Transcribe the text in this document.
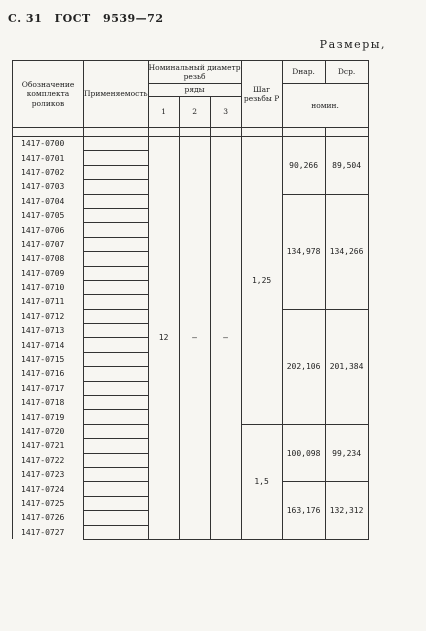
С. 31 ГОСТ 9539—72
Размеры,
Обозначение комплекта роликов	Применяемость	Номинальный диаметр резьб			Шаг резьбы P	Dнар.	Dср.
		ряды				номин.	
		1	2	3			

1417-0700		12	—	—	1,25	90,266	89,504
1417-0701							
1417-0702							
1417-0703							
1417-0704						134,978	134,266
1417-0705							
1417-0706							
1417-0707							
1417-0708							
1417-0709							
1417-0710							
1417-0711							
1417-0712						202,106	201,384
1417-0713							
1417-0714							
1417-0715							
1417-0716							
1417-0717							
1417-0718							
1417-0719							
1417-0720					1,5	100,098	99,234
1417-0721							
1417-0722							
1417-0723							
1417-0724						163,176	132,312
1417-0725							
1417-0726							
1417-0727							
